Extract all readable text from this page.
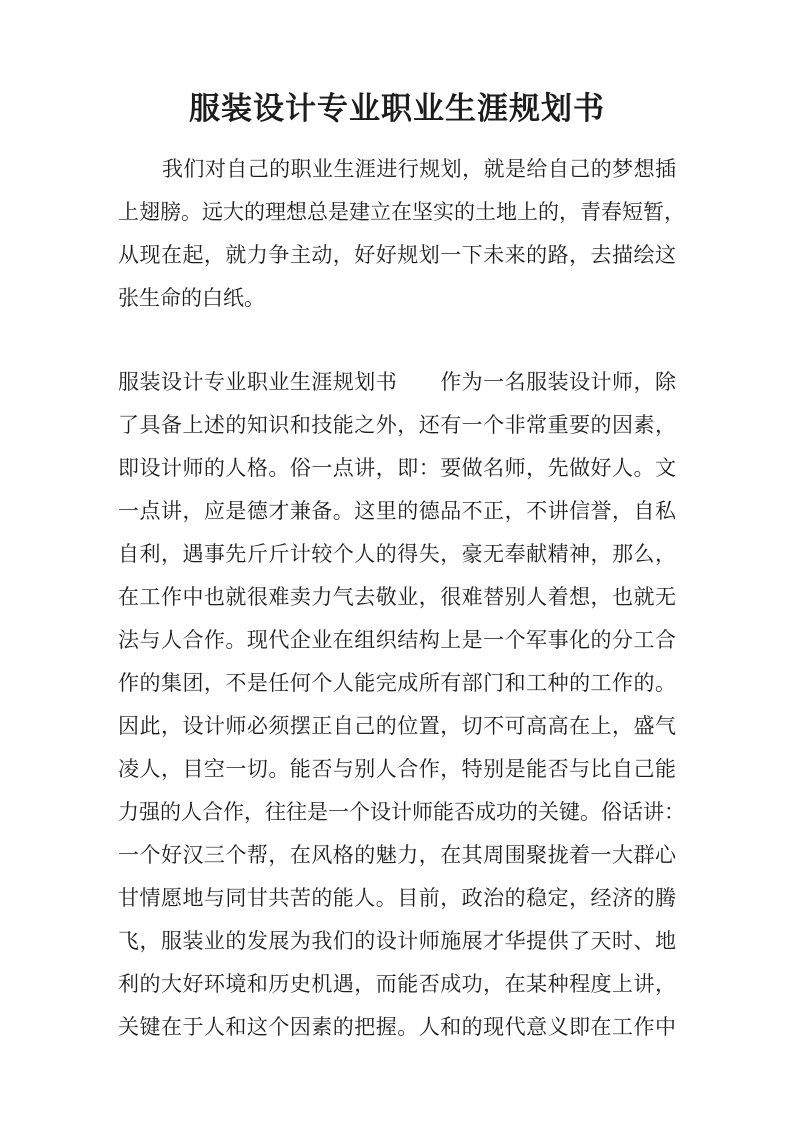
服装设计专业职业生涯规划书
我们对自己的职业生涯进行规划，就是给自己的梦想插
上翅膀。远大的理想总是建立在坚实的土地上的，青春短暂，
从现在起，就力争主动，好好规划一下未来的路，去描绘这
张生命的白纸。
服装设计专业职业生涯规划书　　作为一名服装设计师，除
了具备上述的知识和技能之外，还有一个非常重要的因素，
即设计师的人格。俗一点讲，即：要做名师，先做好人。文
一点讲，应是德才兼备。这里的德品不正，不讲信誉，自私
自利，遇事先斤斤计较个人的得失，豪无奉献精神，那么，
在工作中也就很难卖力气去敬业，很难替别人着想，也就无
法与人合作。现代企业在组织结构上是一个军事化的分工合
作的集团，不是任何个人能完成所有部门和工种的工作的。
因此，设计师必须摆正自己的位置，切不可高高在上，盛气
凌人，目空一切。能否与别人合作，特别是能否与比自己能
力强的人合作，往往是一个设计师能否成功的关键。俗话讲：
一个好汉三个帮，在风格的魅力，在其周围聚拢着一大群心
甘情愿地与同甘共苦的能人。目前，政治的稳定，经济的腾
飞，服装业的发展为我们的设计师施展才华提供了天时、地
利的大好环境和历史机遇，而能否成功，在某种程度上讲，
关键在于人和这个因素的把握。人和的现代意义即在工作中
